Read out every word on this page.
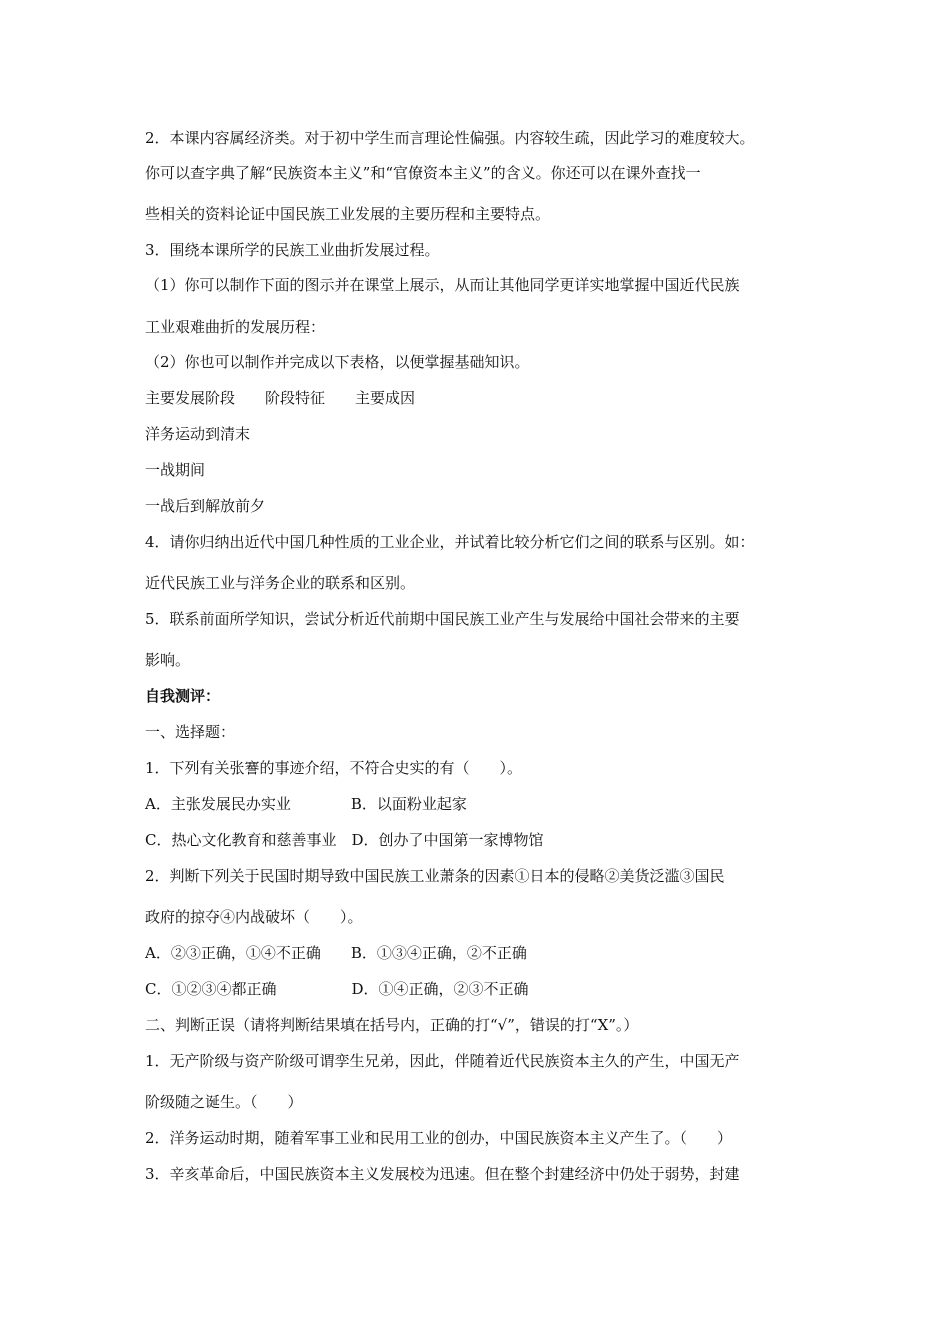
2．本课内容属经济类。对于初中学生而言理论性偏强。内容较生疏，因此学习的难度较大。
你可以查字典了解“民族资本主义”和“官僚资本主义”的含义。你还可以在课外查找一
些相关的资料论证中国民族工业发展的主要历程和主要特点。
3．围绕本课所学的民族工业曲折发展过程。
（1）你可以制作下面的图示并在课堂上展示，从而让其他同学更详实地掌握中国近代民族
工业艰难曲折的发展历程：
（2）你也可以制作并完成以下表格，以便掌握基础知识。
主要发展阶段　　阶段特征　　主要成因
洋务运动到清末
一战期间
一战后到解放前夕
4．请你归纳出近代中国几种性质的工业企业，并试着比较分析它们之间的联系与区别。如：
近代民族工业与洋务企业的联系和区别。
5．联系前面所学知识，尝试分析近代前期中国民族工业产生与发展给中国社会带来的主要
影响。
自我测评：
一、选择题：
1．下列有关张謇的事迹介绍，不符合史实的有（　　）。
A．主张发展民办实业　　　　B．以面粉业起家
C．热心文化教育和慈善事业　D．创办了中国第一家博物馆
2．判断下列关于民国时期导致中国民族工业萧条的因素①日本的侵略②美货泛滥③国民
政府的掠夺④内战破坏（　　）。
A．②③正确，①④不正确　　B．①③④正确，②不正确
C．①②③④都正确　　　　　D．①④正确，②③不正确
二、判断正误（请将判断结果填在括号内，正确的打“√”，错误的打“X”。）
1．无产阶级与资产阶级可谓孪生兄弟，因此，伴随着近代民族资本主久的产生，中国无产
阶级随之诞生。（　　）
2．洋务运动时期，随着军事工业和民用工业的创办，中国民族资本主义产生了。（　　）
3．辛亥革命后，中国民族资本主义发展校为迅速。但在整个封建经济中仍处于弱势，封建
